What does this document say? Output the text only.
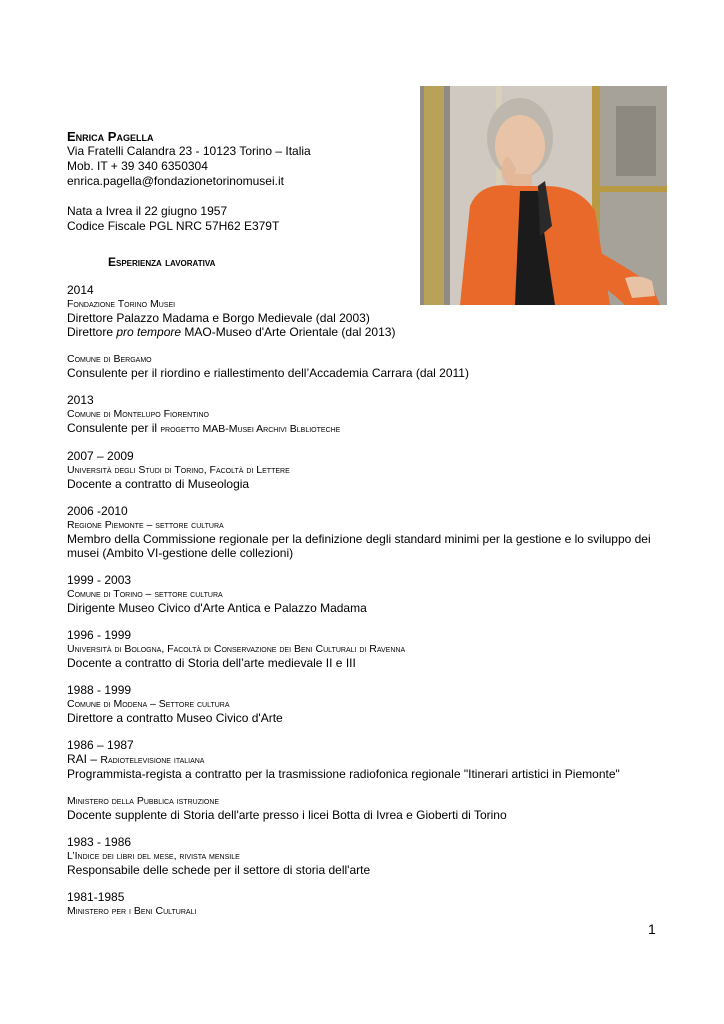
Enrica Pagella
Via Fratelli Calandra 23 - 10123 Torino – Italia
Mob. IT + 39 340 6350304
enrica.pagella@fondazionetorinomusei.it
Nata a Ivrea il 22 giugno 1957
Codice Fiscale PGL NRC 57H62 E379T
Esperienza lavorativa
2014
Fondazione Torino Musei
Direttore Palazzo Madama e Borgo Medievale (dal 2003)
Direttore pro tempore MAO-Museo d'Arte Orientale (dal 2013)
Comune di Bergamo
Consulente per il riordino e riallestimento dell’Accademia Carrara (dal 2011)
2013
Comune di Montelupo Fiorentino
Consulente per il progetto MAB-Musei Archivi Blblioteche
2007 – 2009
Università degli Studi di Torino, Facoltà di Lettere
Docente a contratto di Museologia
2006 -2010
Regione Piemonte – settore cultura
Membro della Commissione regionale per la definizione degli standard minimi per la gestione e lo sviluppo dei
musei (Ambito VI-gestione delle collezioni)
1999 - 2003
Comune di Torino – settore cultura
Dirigente Museo Civico d'Arte Antica e Palazzo Madama
1996 - 1999
Università di Bologna, Facoltà di Conservazione dei Beni Culturali di Ravenna
Docente a contratto di Storia dell’arte medievale II e III
1988 - 1999
Comune di Modena – Settore cultura
Direttore a contratto Museo Civico d'Arte
1986 – 1987
RAI – Radiotelevisione italiana
Programmista-regista a contratto per la trasmissione radiofonica regionale "Itinerari artistici in Piemonte"
Ministero della Pubblica istruzione
Docente supplente di Storia dell'arte presso i licei Botta di Ivrea e Gioberti di Torino
1983 - 1986
L’Indice dei libri del mese, rivista mensile
Responsabile delle schede per il settore di storia dell'arte
1981-1985
Ministero per i Beni Culturali
1
